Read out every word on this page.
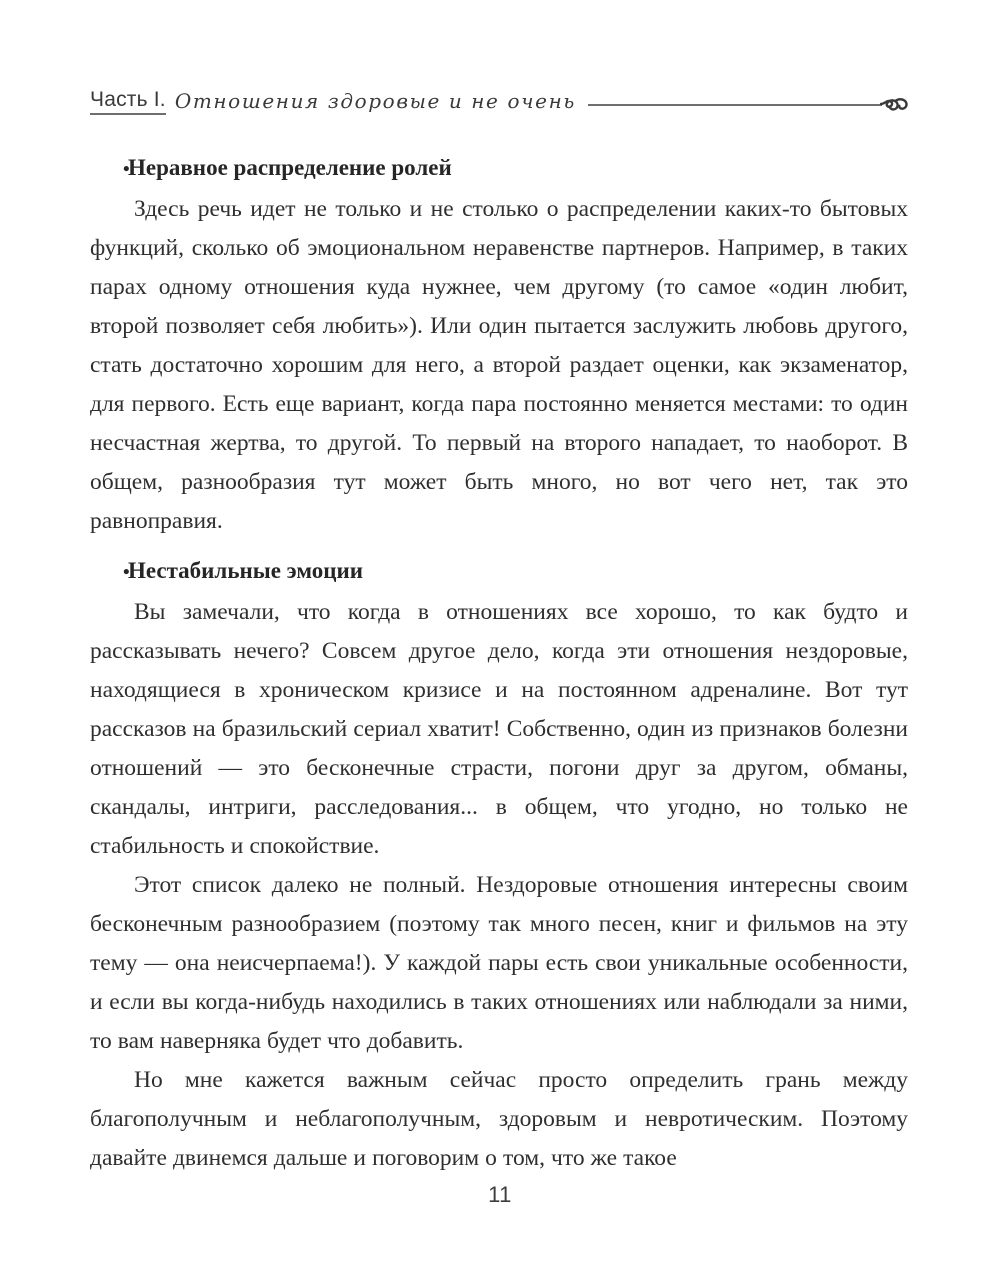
Часть I. Отношения здоровые и не очень
•
Неравное распределение ролей

Здесь речь идет не только и не столько о распределении каких-то бытовых функций, сколько об эмоциональном неравенстве партнеров. Например, в таких парах одному отношения куда нужнее, чем другому (то самое «один любит, второй позволяет себя любить»). Или один пытается заслужить любовь другого, стать достаточно хорошим для него, а второй раздает оценки, как экзаменатор, для первого. Есть еще вариант, когда пара постоянно меняется местами: то один несчастная жертва, то другой. То первый на второго нападает, то наоборот. В общем, разнообразия тут может быть много, но вот чего нет, так это равноправия.

•
Нестабильные эмоции

Вы замечали, что когда в отношениях все хорошо, то как будто и рассказывать нечего? Совсем другое дело, когда эти отношения нездоровые, находящиеся в хроническом кризисе и на постоянном адреналине. Вот тут рассказов на бразильский сериал хватит! Собственно, один из признаков болезни отношений — это бесконечные страсти, погони друг за другом, обманы, скандалы, интриги, расследования... в общем, что угодно, но только не стабильность и спокойствие.

Этот список далеко не полный. Нездоровые отношения интересны своим бесконечным разнообразием (поэтому так много песен, книг и фильмов на эту тему — она неисчерпаема!). У каждой пары есть свои уникальные особенности, и если вы когда-нибудь находились в таких отношениях или наблюдали за ними, то вам наверняка будет что добавить.

Но мне кажется важным сейчас просто определить грань между благополучным и неблагополучным, здоровым и невротическим. Поэтому давайте двинемся дальше и поговорим о том, что же такое

11
